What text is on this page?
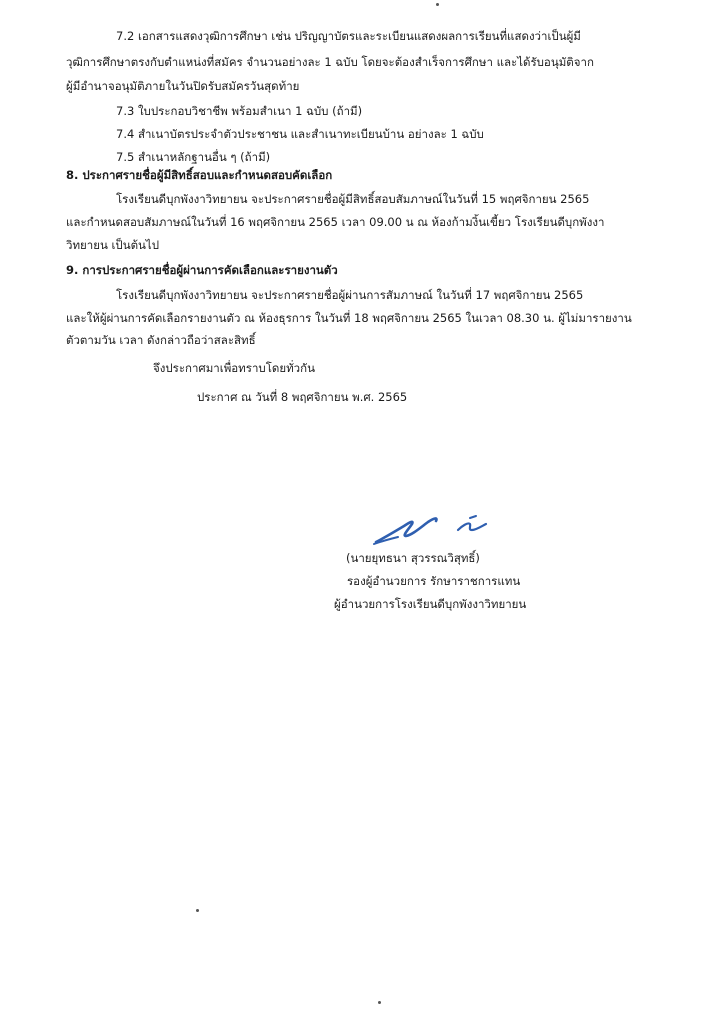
7.2 เอกสารแสดงวุฒิการศึกษา เช่น ปริญญาบัตรและระเบียนแสดงผลการเรียนที่แสดงว่าเป็นผู้มี
วุฒิการศึกษาตรงกับตำแหน่งที่สมัคร จำนวนอย่างละ 1 ฉบับ โดยจะต้องสำเร็จการศึกษา และได้รับอนุมัติจาก
ผู้มีอำนาจอนุมัติภายในวันปิดรับสมัครวันสุดท้าย
7.3 ใบประกอบวิชาชีพ พร้อมสำเนา 1 ฉบับ (ถ้ามี)
7.4 สำเนาบัตรประจำตัวประชาชน และสำเนาทะเบียนบ้าน อย่างละ 1 ฉบับ
7.5 สำเนาหลักฐานอื่น ๆ (ถ้ามี)
8. ประกาศรายชื่อผู้มีสิทธิ์สอบและกำหนดสอบคัดเลือก
โรงเรียนดีบุกพังงาวิทยายน จะประกาศรายชื่อผู้มีสิทธิ์สอบสัมภาษณ์ในวันที่ 15 พฤศจิกายน 2565
และกำหนดสอบสัมภาษณ์ในวันที่ 16 พฤศจิกายน 2565 เวลา 09.00 น ณ ห้องก้ามงิ้นเขี้ยว โรงเรียนดีบุกพังงา
วิทยายน เป็นต้นไป
9. การประกาศรายชื่อผู้ผ่านการคัดเลือกและรายงานตัว
โรงเรียนดีบุกพังงาวิทยายน จะประกาศรายชื่อผู้ผ่านการสัมภาษณ์ ในวันที่ 17 พฤศจิกายน 2565
และให้ผู้ผ่านการคัดเลือกรายงานตัว ณ ห้องธุรการ ในวันที่ 18 พฤศจิกายน 2565 ในเวลา 08.30 น. ผู้ไม่มารายงาน
ตัวตามวัน เวลา ดังกล่าวถือว่าสละสิทธิ์
จึงประกาศมาเพื่อทราบโดยทั่วกัน
ประกาศ ณ วันที่ 8 พฤศจิกายน พ.ศ. 2565
(นายยุทธนา สุวรรณวิสุทธิ์)
รองผู้อำนวยการ รักษาราชการแทน
ผู้อำนวยการโรงเรียนดีบุกพังงาวิทยายน
